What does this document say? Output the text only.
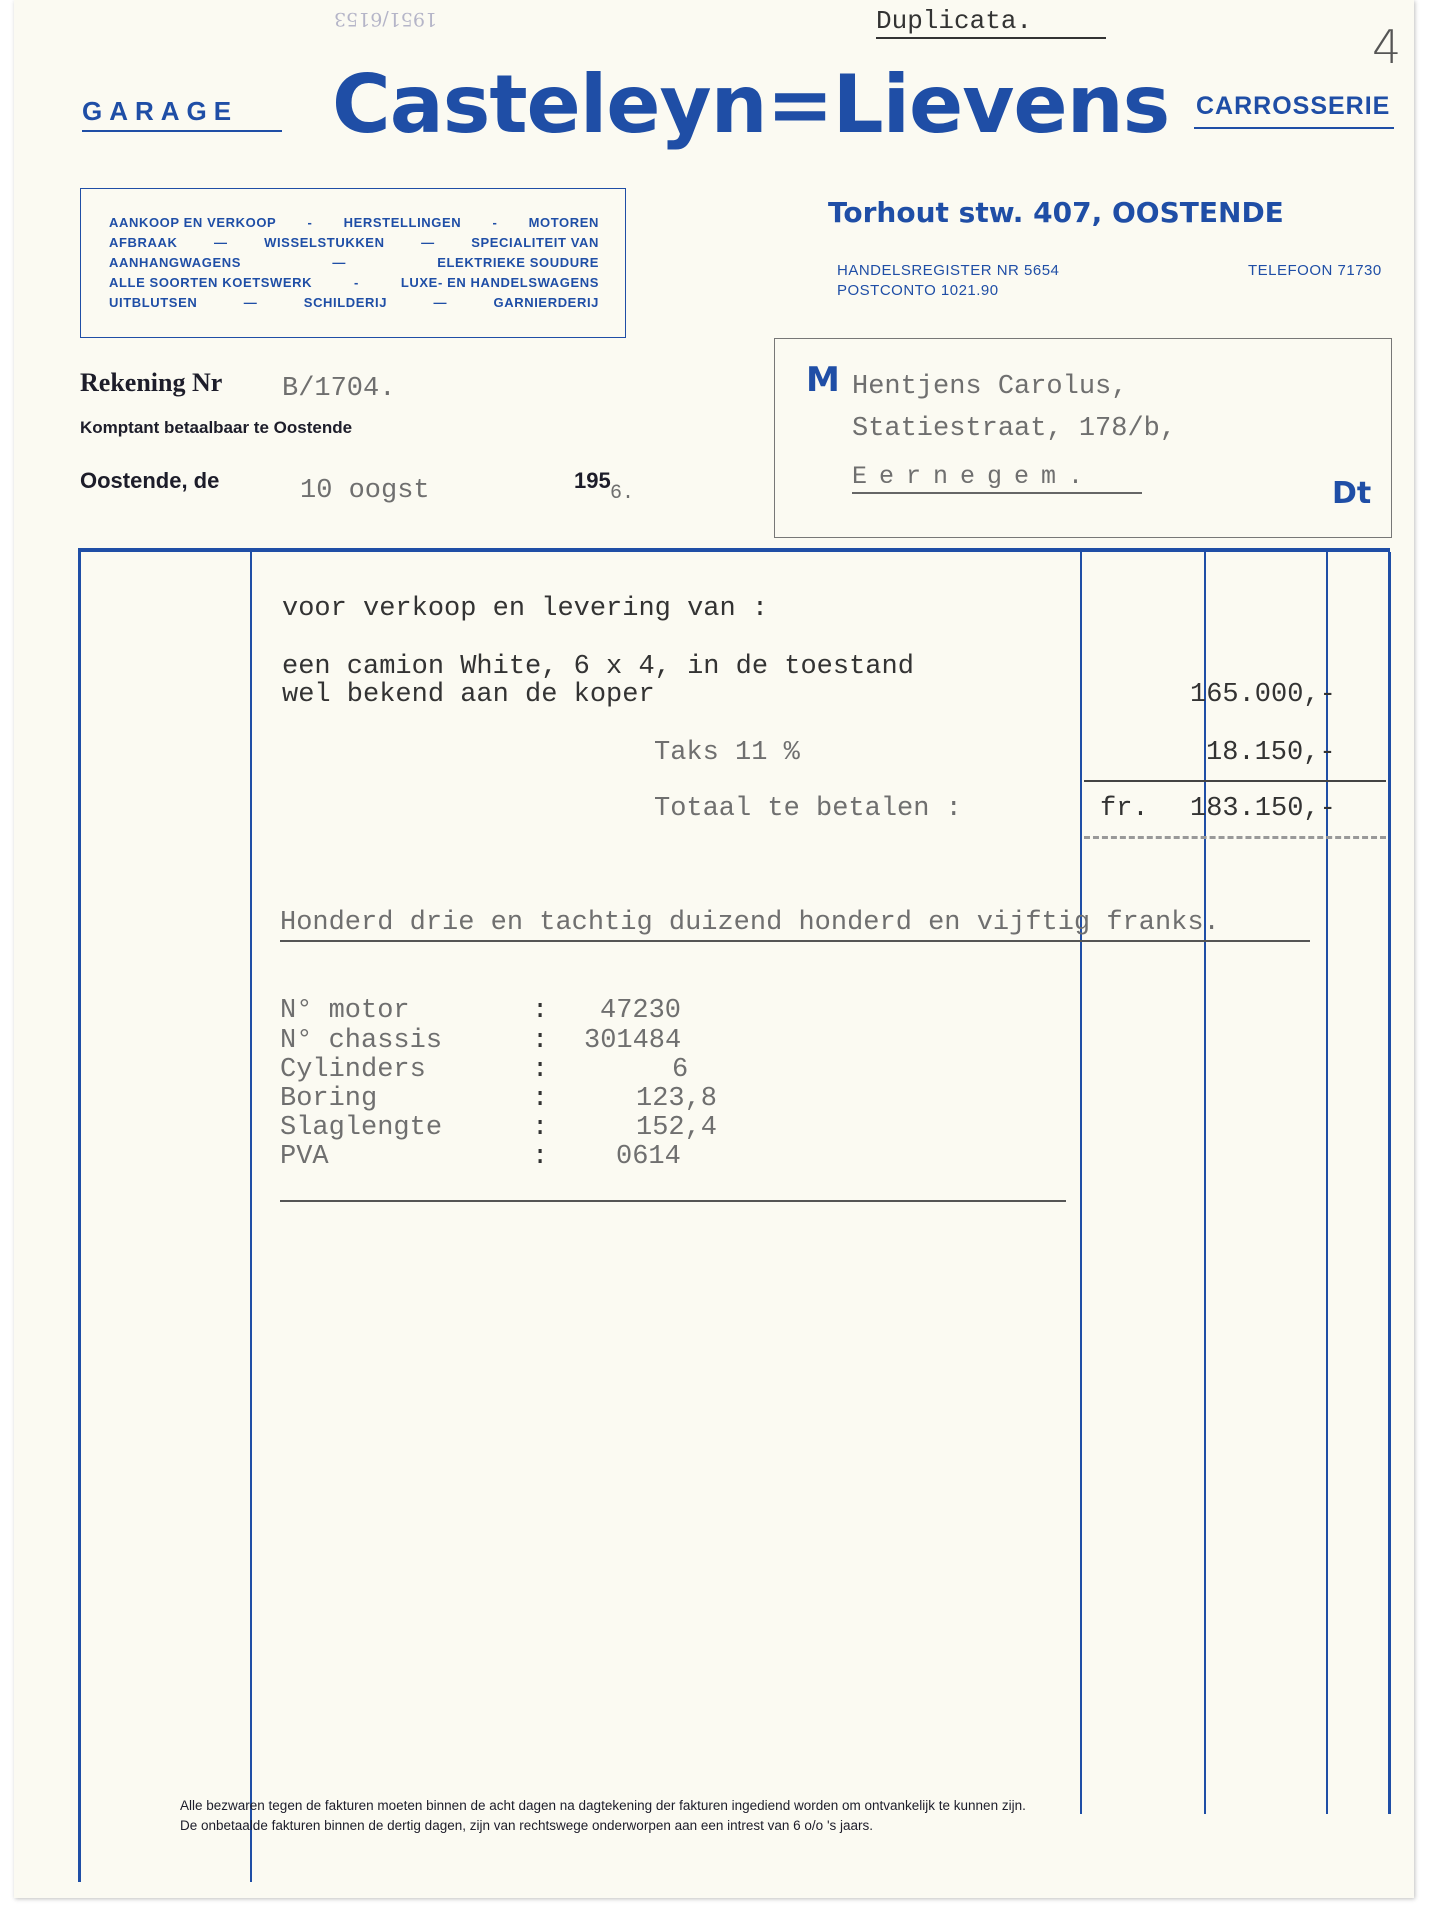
1951/6153	Duplicata.	4
GARAGE Casteleyn=Lievens CARROSSERIE
AANKOOP EN VERKOOP - HERSTELLINGEN - MOTOREN
AFBRAAK	—	WISSELSTUKKEN	—	SPECIALITEIT VAN
AANHANGWAGENS	—	ELEKTRIEKE SOUDURE
ALLE SOORTEN KOETSWERK	-	LUXE- EN HANDELSWAGENS
UITBLUTSEN	—	SCHILDERIJ	—	GARNIERDERIJ
Torhout stw. 407, OOSTENDE
HANDELSREGISTER NR 5654	TELEFOON 71730
POSTCONTO 1021.90
Rekening Nr B/1704.
Komptant betaalbaar te Oostende
Oostende, de	10 oogst	195
6.
M Hentjens Carolus,
Statiestraat, 178/b,
Eernegem.	Dt
voor verkoop en levering van :
een camion White, 6 x 4, in de toestand
wel bekend aan de koper	165.000,-
Taks 11 %	18.150,-
Totaal te betalen :	fr. 183.150,-
Honderd drie en tachtig duizend honderd en vijftig franks.
N° motor	: 47230
N° chassis	: 301484
Cylinders	:	6
Boring	:	123,8
Slaglengte	:	152,4
PVA	:	0614
Alle bezwaren tegen de fakturen moeten binnen de acht dagen na dagtekening der fakturen ingediend worden om ontvankelijk te kunnen zijn.
De onbetaalde fakturen binnen de dertig dagen, zijn van rechtswege onderworpen aan een intrest van 6 o/o 's jaars.
